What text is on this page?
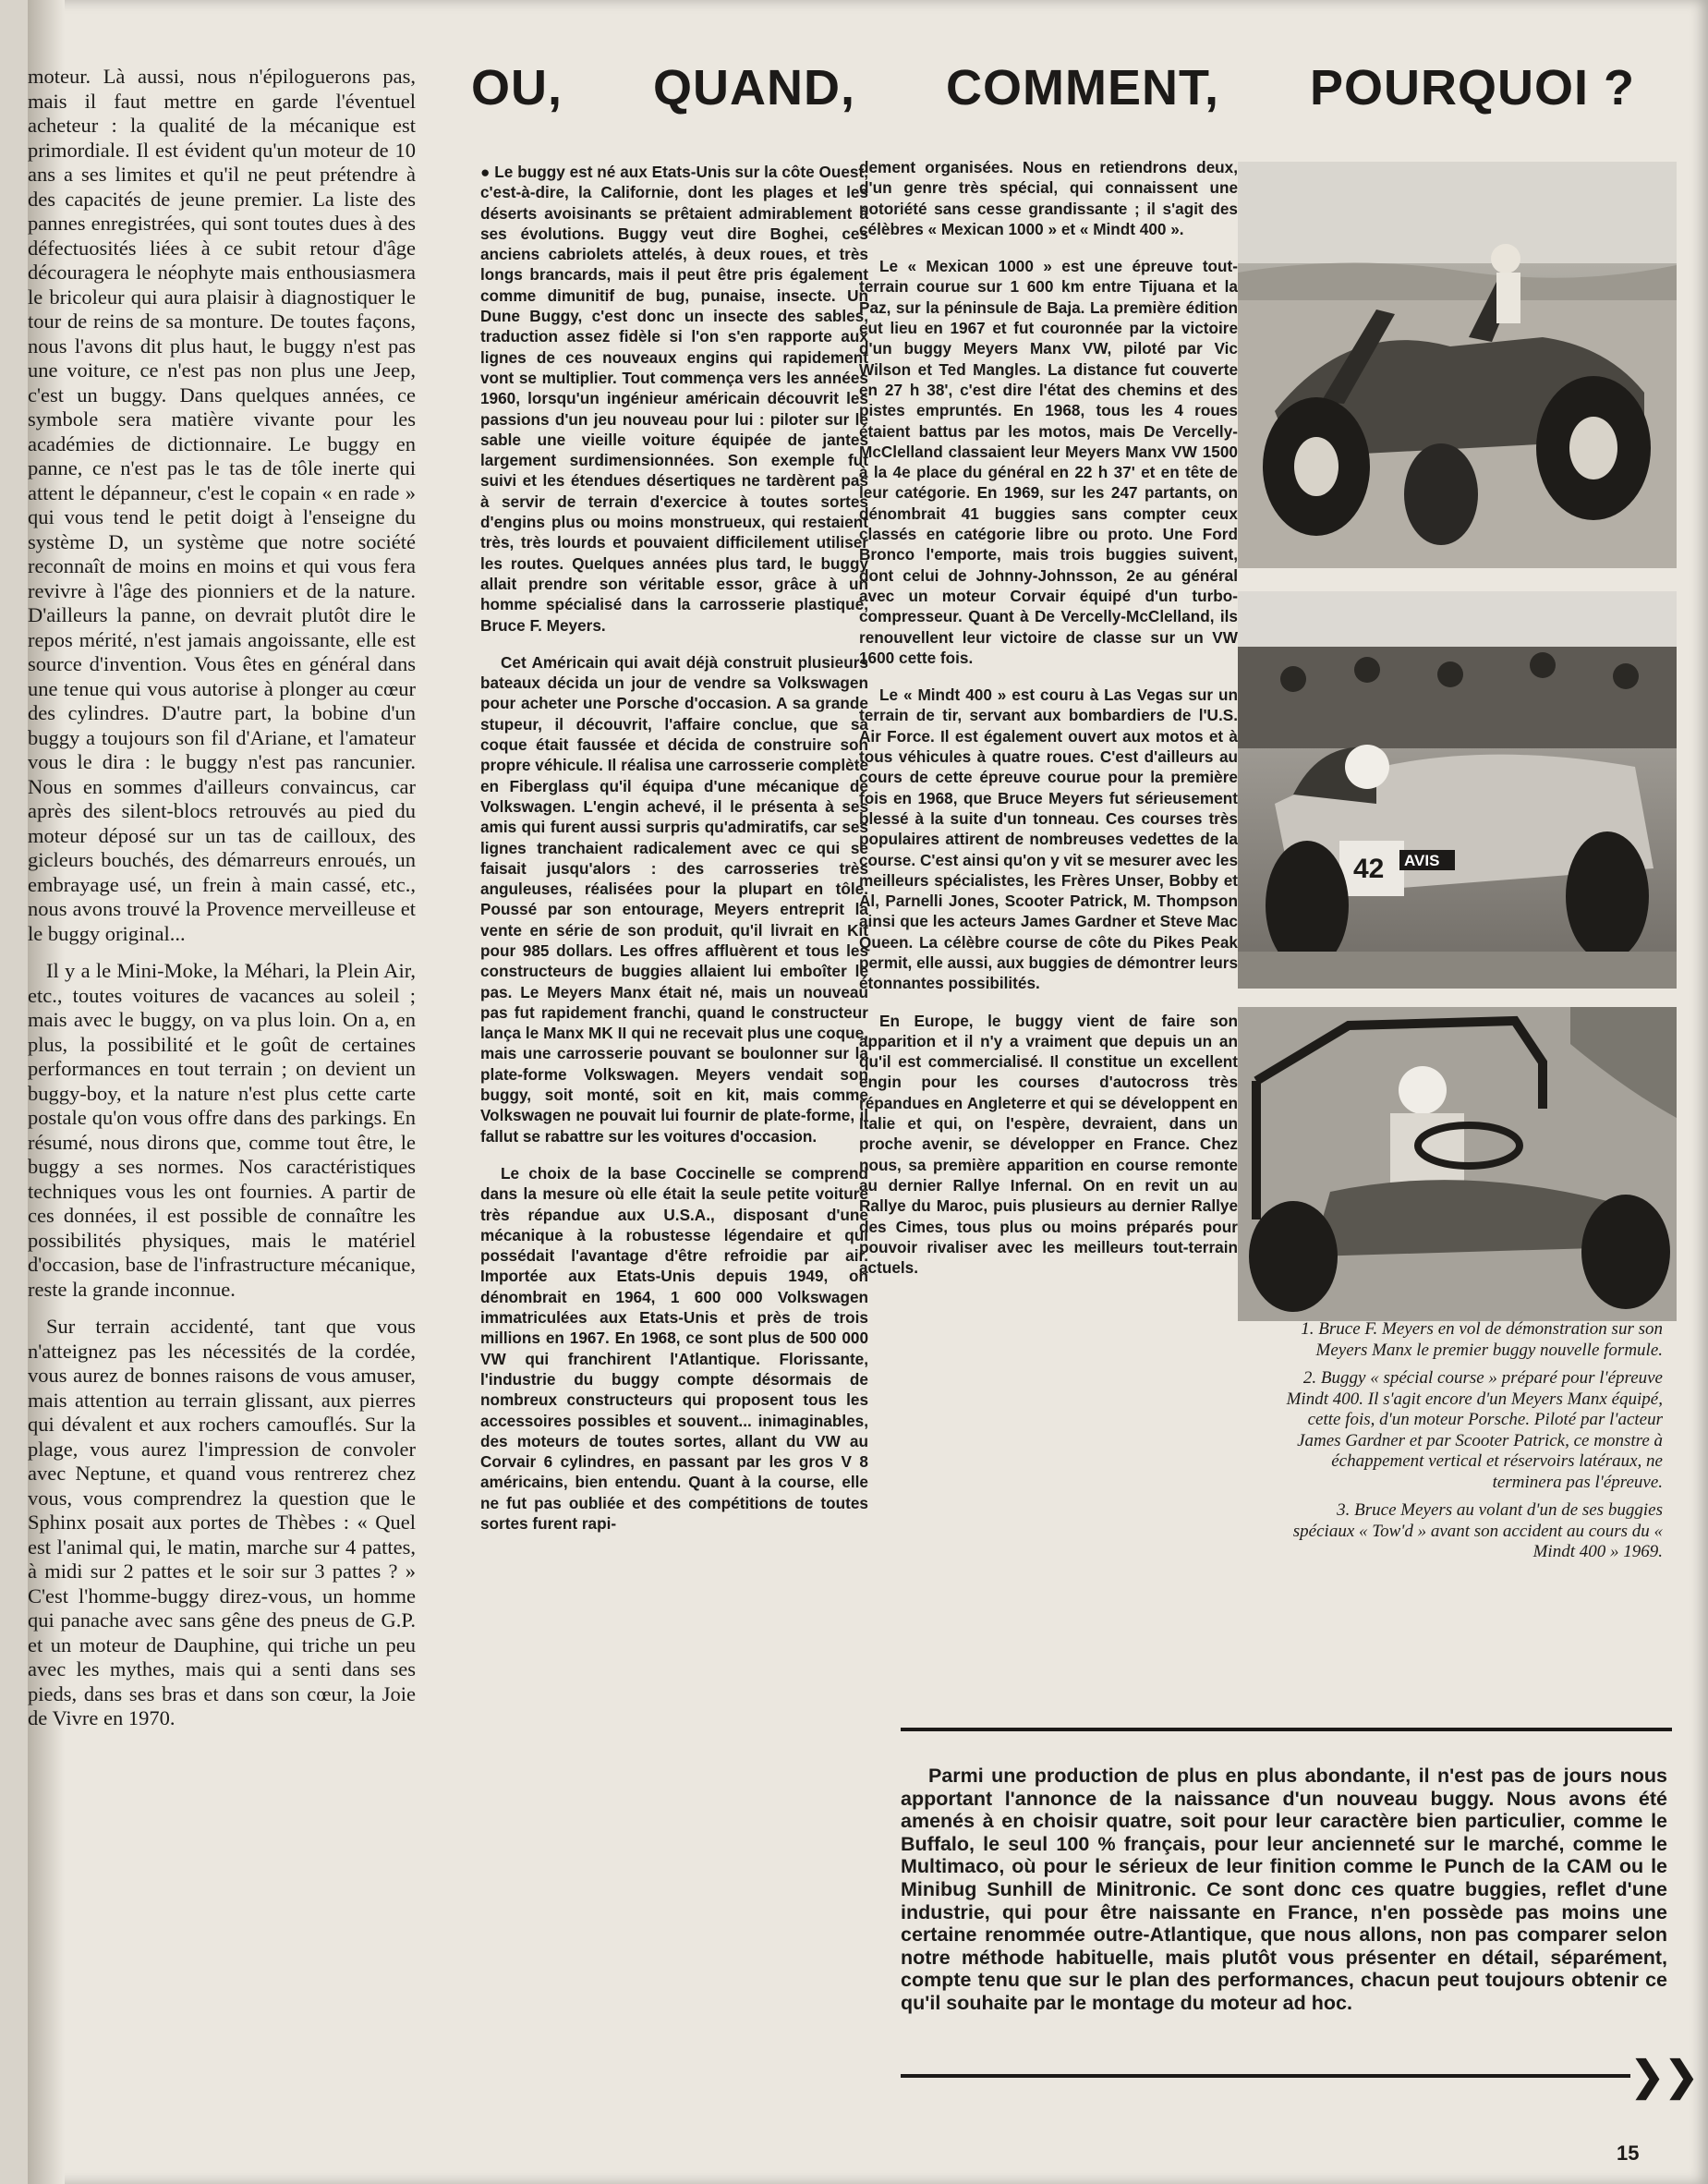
moteur. Là aussi, nous n'épiloguerons pas, mais il faut mettre en garde l'éventuel acheteur : la qualité de la mécanique est primordiale. Il est évident qu'un moteur de 10 ans a ses limites et qu'il ne peut prétendre à des capacités de jeune premier. La liste des pannes enregistrées, qui sont toutes dues à des défectuosités liées à ce subit retour d'âge découragera le néophyte mais enthousiasmera le bricoleur qui aura plaisir à diagnostiquer le tour de reins de sa monture. De toutes façons, nous l'avons dit plus haut, le buggy n'est pas une voiture, ce n'est pas non plus une Jeep, c'est un buggy. Dans quelques années, ce symbole sera matière vivante pour les académies de dictionnaire. Le buggy en panne, ce n'est pas le tas de tôle inerte qui attent le dépanneur, c'est le copain « en rade » qui vous tend le petit doigt à l'enseigne du système D, un système que notre société reconnaît de moins en moins et qui vous fera revivre à l'âge des pionniers et de la nature. D'ailleurs la panne, on devrait plutôt dire le repos mérité, n'est jamais angoissante, elle est source d'invention. Vous êtes en général dans une tenue qui vous autorise à plonger au cœur des cylindres. D'autre part, la bobine d'un buggy a toujours son fil d'Ariane, et l'amateur vous le dira : le buggy n'est pas rancunier. Nous en sommes d'ailleurs convaincus, car après des silent-blocs retrouvés au pied du moteur déposé sur un tas de cailloux, des gicleurs bouchés, des démarreurs enroués, un embrayage usé, un frein à main cassé, etc., nous avons trouvé la Provence merveilleuse et le buggy original...

Il y a le Mini-Moke, la Méhari, la Plein Air, etc., toutes voitures de vacances au soleil ; mais avec le buggy, on va plus loin. On a, en plus, la possibilité et le goût de certaines performances en tout terrain ; on devient un buggy-boy, et la nature n'est plus cette carte postale qu'on vous offre dans des parkings. En résumé, nous dirons que, comme tout être, le buggy a ses normes. Nos caractéristiques techniques vous les ont fournies. A partir de ces données, il est possible de connaître les possibilités physiques, mais le matériel d'occasion, base de l'infrastructure mécanique, reste la grande inconnue.

Sur terrain accidenté, tant que vous n'atteignez pas les nécessités de la cordée, vous aurez de bonnes raisons de vous amuser, mais attention au terrain glissant, aux pierres qui dévalent et aux rochers camouflés. Sur la plage, vous aurez l'impression de convoler avec Neptune, et quand vous rentrerez chez vous, vous comprendrez la question que le Sphinx posait aux portes de Thèbes : « Quel est l'animal qui, le matin, marche sur 4 pattes, à midi sur 2 pattes et le soir sur 3 pattes ? » C'est l'homme-buggy direz-vous, un homme qui panache avec sans gêne des pneus de G.P. et un moteur de Dauphine, qui triche un peu avec les mythes, mais qui a senti dans ses pieds, dans ses bras et dans son cœur, la Joie de Vivre en 1970.

OU, QUAND, COMMENT, POURQUOI ?

● Le buggy est né aux Etats-Unis sur la côte Ouest, c'est-à-dire, la Californie, dont les plages et les déserts avoisinants se prêtaient admirablement à ses évolutions. Buggy veut dire Boghei, ces anciens cabriolets attelés, à deux roues, et très longs brancards, mais il peut être pris également comme dimunitif de bug, punaise, insecte. Un Dune Buggy, c'est donc un insecte des sables, traduction assez fidèle si l'on s'en rapporte aux lignes de ces nouveaux engins qui rapidement vont se multiplier. Tout commença vers les années 1960, lorsqu'un ingénieur américain découvrit les passions d'un jeu nouveau pour lui : piloter sur le sable une vieille voiture équipée de jantes largement surdimensionnées. Son exemple fut suivi et les étendues désertiques ne tardèrent pas à servir de terrain d'exercice à toutes sortes d'engins plus ou moins monstrueux, qui restaient très, très lourds et pouvaient difficilement utiliser les routes. Quelques années plus tard, le buggy allait prendre son véritable essor, grâce à un homme spécialisé dans la carrosserie plastique, Bruce F. Meyers.

Cet Américain qui avait déjà construit plusieurs bateaux décida un jour de vendre sa Volkswagen pour acheter une Porsche d'occasion. A sa grande stupeur, il découvrit, l'affaire conclue, que sa coque était faussée et décida de construire son propre véhicule. Il réalisa une carrosserie complète en Fiberglass qu'il équipa d'une mécanique de Volkswagen. L'engin achevé, il le présenta à ses amis qui furent aussi surpris qu'admiratifs, car ses lignes tranchaient radicalement avec ce qui se faisait jusqu'alors : des carrosseries très anguleuses, réalisées pour la plupart en tôle. Poussé par son entourage, Meyers entreprit la vente en série de son produit, qu'il livrait en Kit pour 985 dollars. Les offres affluèrent et tous les constructeurs de buggies allaient lui emboîter le pas. Le Meyers Manx était né, mais un nouveau pas fut rapidement franchi, quand le constructeur lança le Manx MK II qui ne recevait plus une coque, mais une carrosserie pouvant se boulonner sur la plate-forme Volkswagen. Meyers vendait son buggy, soit monté, soit en kit, mais comme Volkswagen ne pouvait lui fournir de plate-forme, il fallut se rabattre sur les voitures d'occasion.

Le choix de la base Coccinelle se comprend dans la mesure où elle était la seule petite voiture très répandue aux U.S.A., disposant d'une mécanique à la robustesse légendaire et qui possédait l'avantage d'être refroidie par air. Importée aux Etats-Unis depuis 1949, on dénombrait en 1964, 1 600 000 Volkswagen immatriculées aux Etats-Unis et près de trois millions en 1967. En 1968, ce sont plus de 500 000 VW qui franchirent l'Atlantique. Florissante, l'industrie du buggy compte désormais de nombreux constructeurs qui proposent tous les accessoires possibles et souvent... inimaginables, des moteurs de toutes sortes, allant du VW au Corvair 6 cylindres, en passant par les gros V 8 américains, bien entendu. Quant à la course, elle ne fut pas oubliée et des compétitions de toutes sortes furent rapi-

dement organisées. Nous en retiendrons deux, d'un genre très spécial, qui connaissent une notoriété sans cesse grandissante ; il s'agit des célèbres « Mexican 1000 » et « Mindt 400 ».

Le « Mexican 1000 » est une épreuve tout-terrain courue sur 1 600 km entre Tijuana et la Paz, sur la péninsule de Baja. La première édition eut lieu en 1967 et fut couronnée par la victoire d'un buggy Meyers Manx VW, piloté par Vic Wilson et Ted Mangles. La distance fut couverte en 27 h 38', c'est dire l'état des chemins et des pistes empruntés. En 1968, tous les 4 roues étaient battus par les motos, mais De Vercelly-McClelland classaient leur Meyers Manx VW 1500 à la 4e place du général en 22 h 37' et en tête de leur catégorie. En 1969, sur les 247 partants, on dénombrait 41 buggies sans compter ceux classés en catégorie libre ou proto. Une Ford Bronco l'emporte, mais trois buggies suivent, dont celui de Johnny-Johnsson, 2e au général avec un moteur Corvair équipé d'un turbo-compresseur. Quant à De Vercelly-McClelland, ils renouvellent leur victoire de classe sur un VW 1600 cette fois.

Le « Mindt 400 » est couru à Las Vegas sur un terrain de tir, servant aux bombardiers de l'U.S. Air Force. Il est également ouvert aux motos et à tous véhicules à quatre roues. C'est d'ailleurs au cours de cette épreuve courue pour la première fois en 1968, que Bruce Meyers fut sérieusement blessé à la suite d'un tonneau. Ces courses très populaires attirent de nombreuses vedettes de la course. C'est ainsi qu'on y vit se mesurer avec les meilleurs spécialistes, les Frères Unser, Bobby et Al, Parnelli Jones, Scooter Patrick, M. Thompson ainsi que les acteurs James Gardner et Steve Mac Queen. La célèbre course de côte du Pikes Peak permit, elle aussi, aux buggies de démontrer leurs étonnantes possibilités.

En Europe, le buggy vient de faire son apparition et il n'y a vraiment que depuis un an qu'il est commercialisé. Il constitue un excellent engin pour les courses d'autocross très répandues en Angleterre et qui se développent en Italie et qui, on l'espère, devraient, dans un proche avenir, se développer en France. Chez nous, sa première apparition en course remonte au dernier Rallye Infernal. On en revit un au Rallye du Maroc, puis plusieurs au dernier Rallye des Cimes, tous plus ou moins préparés pour pouvoir rivaliser avec les meilleurs tout-terrain actuels.

42 AVIS

1. Bruce F. Meyers en vol de démonstration sur son Meyers Manx le premier buggy nouvelle formule.

2. Buggy « spécial course » préparé pour l'épreuve Mindt 400. Il s'agit encore d'un Meyers Manx équipé, cette fois, d'un moteur Porsche. Piloté par l'acteur James Gardner et par Scooter Patrick, ce monstre à échappement vertical et réservoirs latéraux, ne terminera pas l'épreuve.

3. Bruce Meyers au volant d'un de ses buggies spéciaux « Tow'd » avant son accident au cours du « Mindt 400 » 1969.

Parmi une production de plus en plus abondante, il n'est pas de jours nous apportant l'annonce de la naissance d'un nouveau buggy. Nous avons été amenés à en choisir quatre, soit pour leur caractère bien particulier, comme le Buffalo, le seul 100 % français, pour leur ancienneté sur le marché, comme le Multimaco, où pour le sérieux de leur finition comme le Punch de la CAM ou le Minibug Sunhill de Minitronic. Ce sont donc ces quatre buggies, reflet d'une industrie, qui pour être naissante en France, n'en possède pas moins une certaine renommée outre-Atlantique, que nous allons, non pas comparer selon notre méthode habituelle, mais plutôt vous présenter en détail, séparément, compte tenu que sur le plan des performances, chacun peut toujours obtenir ce qu'il souhaite par le montage du moteur ad hoc.

❯❯
15
